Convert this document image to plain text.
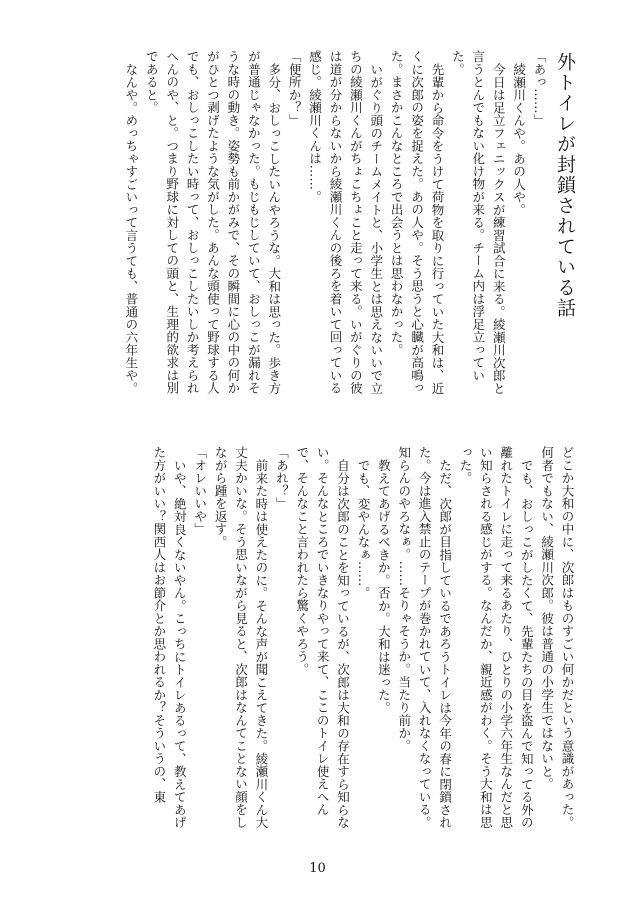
外トイレが封鎖されている話

「あっ……」

綾瀬川くんや。あの人や。

今日は足立フェニックスが練習試合に来る。綾瀬川次郎と言うとんでもない化け物が来る。チーム内は浮足立っていた。

先輩から命令をうけて荷物を取りに行っていた大和は、近くに次郎の姿を捉えた。あの人や。そう思うと心臓が高鳴った。まさかこんなところで出会うとは思わなかった。

いがぐり頭のチームメイトと、小学生とは思えないいで立ちの綾瀬川くんがちょこちょこと走って来る。いがぐりの彼は道が分からないから綾瀬川くんの後ろを着いて回っている感じ。綾瀬川くんは……。

「便所か？」

多分、おしっこしたいんやろうな。大和は思った。歩き方が普通じゃなかった。もじもじしていて、おしっこが漏れそうな時の動き。姿勢も前かがみで、その瞬間に心の中の何かがひとつ剥げたような気がした。あんな頭使って野球する人でも、おしっこしたい時って、おしっこしたいしか考えられへんのや、と。つまり野球に対しての頭と、生理的欲求は別であると。

なんや。めっちゃすごいって言うても、普通の六年生や。

どこか大和の中に、次郎はものすごい何かだという意識があった。何者でもない、綾瀬川次郎。彼は普通の小学生ではないと。

でも、おしっこがしたくて、先輩たちの目を盗んで知ってる外の離れたトイレに走って来るあたり、ひとりの小学六年生なんだと思い知らされる感じがする。なんだか、親近感がわく。そう大和は思った。

ただ、次郎が目指しているであろうトイレは今年の春に閉鎖された。今は進入禁止のテープが巻かれていて、入れなくなっている。知らんのやろなぁ。……そりゃそうか。当たり前か。

教えてあげるべきか。否か。大和は迷った。

でも、変やんなぁ……。

自分は次郎のことを知っているが、次郎は大和の存在すら知らない。そんなところでいきなりやって来て、ここのトイレ使えへんで、そんなこと言われたら驚くやろう。

「あれ？」

前来た時は使えたのに。そんな声が聞こえてきた。綾瀬川くん大丈夫かいな。そう思いながら見ると、次郎はなんてことない顔をしながら踵を返す。

「オレいいや」

いや、絶対良くないやん。こっちにトイレあるって、教えてあげた方がいい？関西人はお節介とか思われるか？そういうの、東

10
